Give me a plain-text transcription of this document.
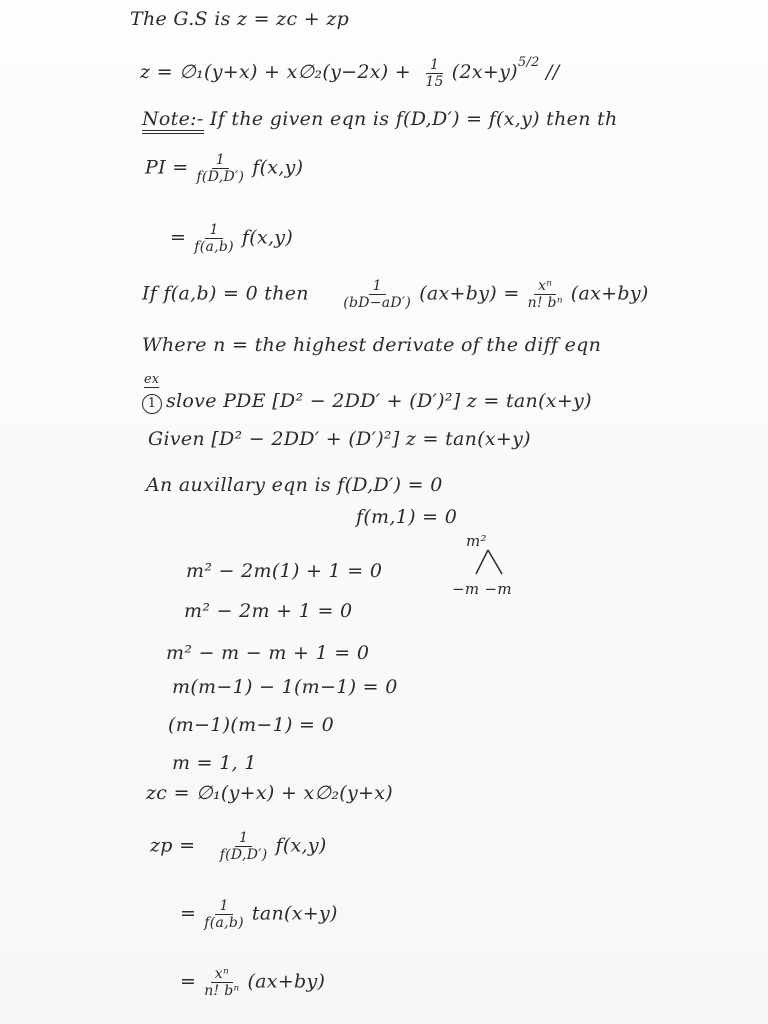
The G.S is z = zc + zp
z = ∅₁(y+x) + x∅₂(y−2x) + $\frac{1}{15} (2x+y)^{5/2}$ //
Note:- If the given eqn is f(D,D′) = f(x,y) then th
PI = $\frac{1}{f(D,D')} f(x,y)$
= $\frac{1}{f(a,b)} f(x,y)$
If f(a,b) = 0 then $\frac{1}{(bD-aD')} (ax+by) = \frac{\text{xⁿ}}{\text{n! bⁿ}} (ax+by)$
Where n = the highest derivate of the diff eqn
ex
1 slove PDE [D² − 2DD′ + (D′)²] z = tan(x+y)
Given [D² − 2DD′ + (D′)²] z = tan(x+y)
An auxillary eqn is f(D,D′) = 0
f(m,1) = 0
m²
−m −m
m² − 2m(1) + 1 = 0
m² − 2m + 1 = 0
m² − m − m + 1 = 0
m(m−1) − 1(m−1) = 0
(m−1)(m−1) = 0
m = 1, 1
zc = ∅₁(y+x) + x∅₂(y+x)
zp = $\frac{1}{f(D,D')} f(x,y)$
= $\frac{1}{f(a,b)} \tan(x+y)$
= $\frac{\text{xⁿ}}{\text{n! bⁿ}} (ax+by)$
